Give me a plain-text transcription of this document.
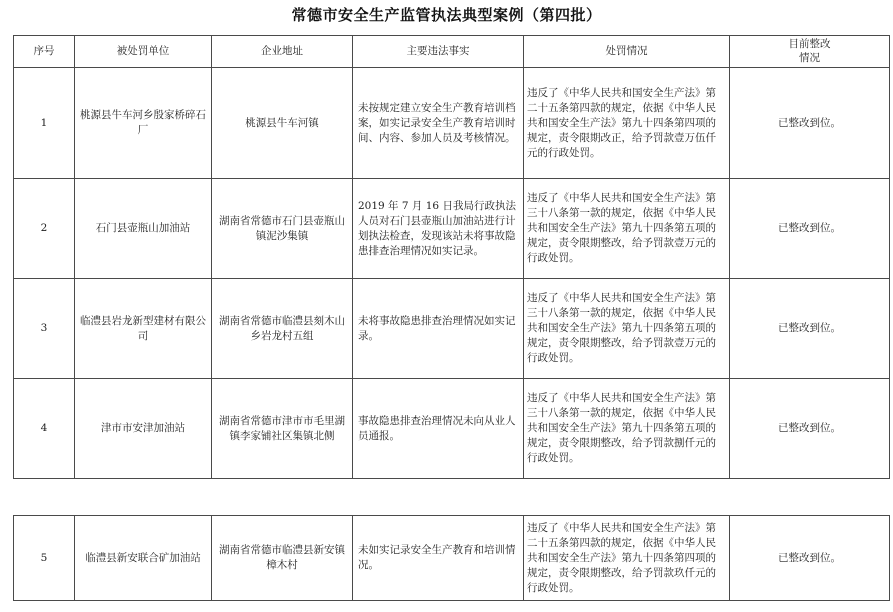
常德市安全生产监管执法典型案例（第四批）
序号	被处罚单位	企业地址	主要违法事实	处罚情况	目前整改
情况
1	桃源县牛车河乡殷家桥碎石厂	桃源县牛车河镇	未按规定建立安全生产教育培训档案，如实记录安全生产教育培训时间、内容、参加人员及考核情况。	违反了《中华人民共和国安全生产法》第二十五条第四款的规定，依据《中华人民共和国安全生产法》第九十四条第四项的规定，责令限期改正，给予罚款壹万伍仟元的行政处罚。	已整改到位。
2	石门县壶瓶山加油站	湖南省常德市石门县壶瓶山镇泥沙集镇	2019 年 7 月 16 日我局行政执法人员对石门县壶瓶山加油站进行计划执法检查，发现该站未将事故隐患排查治理情况如实记录。	违反了《中华人民共和国安全生产法》第三十八条第一款的规定，依据《中华人民共和国安全生产法》第九十四条第五项的规定，责令限期整改，给予罚款壹万元的行政处罚。	已整改到位。
3	临澧县岩龙新型建材有限公司	湖南省常德市临澧县刻木山乡岩龙村五组	未将事故隐患排查治理情况如实记录。	违反了《中华人民共和国安全生产法》第三十八条第一款的规定，依据《中华人民共和国安全生产法》第九十四条第五项的规定，责令限期整改，给予罚款壹万元的行政处罚。	已整改到位。
4	津市市安津加油站	湖南省常德市津市市毛里湖镇李家铺社区集镇北侧	事故隐患排查治理情况未向从业人员通报。	违反了《中华人民共和国安全生产法》第三十八条第一款的规定，依据《中华人民共和国安全生产法》第九十四条第五项的规定，责令限期整改，给予罚款捌仟元的行政处罚。	已整改到位。
5	临澧县新安联合矿加油站	湖南省常德市临澧县新安镇樟木村	未如实记录安全生产教育和培训情况。	违反了《中华人民共和国安全生产法》第二十五条第四款的规定，依据《中华人民共和国安全生产法》第九十四条第四项的规定，责令限期整改，给予罚款玖仟元的行政处罚。	已整改到位。
